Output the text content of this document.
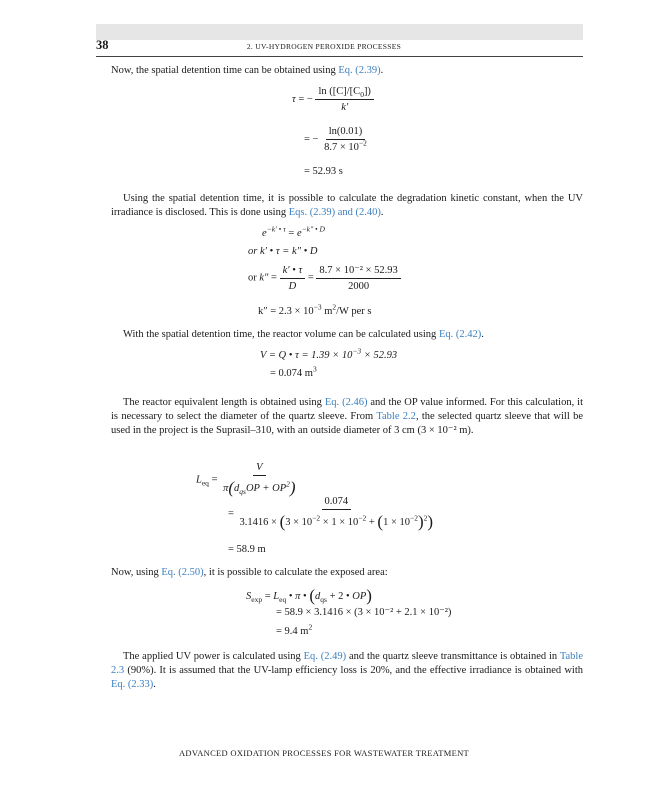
38	2. UV-HYDROGEN PEROXIDE PROCESSES

Now, the spatial detention time can be obtained using Eq. (2.39).

τ = − $\frac{\ln ([C]/[C_0])}{k'}$
= − $\frac{\ln(0.01)}{8.7 \times 10^{-2}}$
= 52.93 s

Using the spatial detention time, it is possible to calculate the degradation kinetic constant, when the UV irradiance is disclosed. This is done using Eqs. (2.39) and (2.40).

$e^{-k' • \tau} = e^{-k'' • D}$
or k′ • τ = k″ • D
or $k'' = \frac{k' • \tau}{D} = \frac{\text{8.7 × 10⁻² × 52.93}}{2000}$
$k'' = 2.3 \times 10^{-3}$ $m^2/W$ per s

With the spatial detention time, the reactor volume can be calculated using Eq. (2.42).

V = Q • $\tau = 1.39 \times 10^{-3} \times 52.93$
= 0.074 $m^3$

The reactor equivalent length is obtained using Eq. (2.46) and the OP value informed. For this calculation, it is necessary to select the diameter of the quartz sleeve. From Table 2.2, the selected quartz sleeve that will be used in the project is the Suprasil–310, with an outside diameter of 3 cm (3 × 10⁻² m).

$L_{eq} = \frac{V}{\pi(d_{qs}OP + OP^2)}$
= $\frac{0.074}{3.1416 \times (3 \times 10^{-2} \times 1 \times 10^{-2} + (1 \times 10^{-2})^2)}$
= 58.9 m

Now, using Eq. (2.50), it is possible to calculate the exposed area:

$S_{exp} = L_{eq}$ • π • ($d_{qs} + 2$ • OP)
= 58.9 × 3.1416 × (3 × 10⁻² + 2.1 × 10⁻²)
= 9.4 $m^2$

The applied UV power is calculated using Eq. (2.49) and the quartz sleeve transmittance is obtained in Table 2.3 (90%). It is assumed that the UV-lamp efficiency loss is 20%, and the effective irradiance is obtained with Eq. (2.33).

ADVANCED OXIDATION PROCESSES FOR WASTEWATER TREATMENT
